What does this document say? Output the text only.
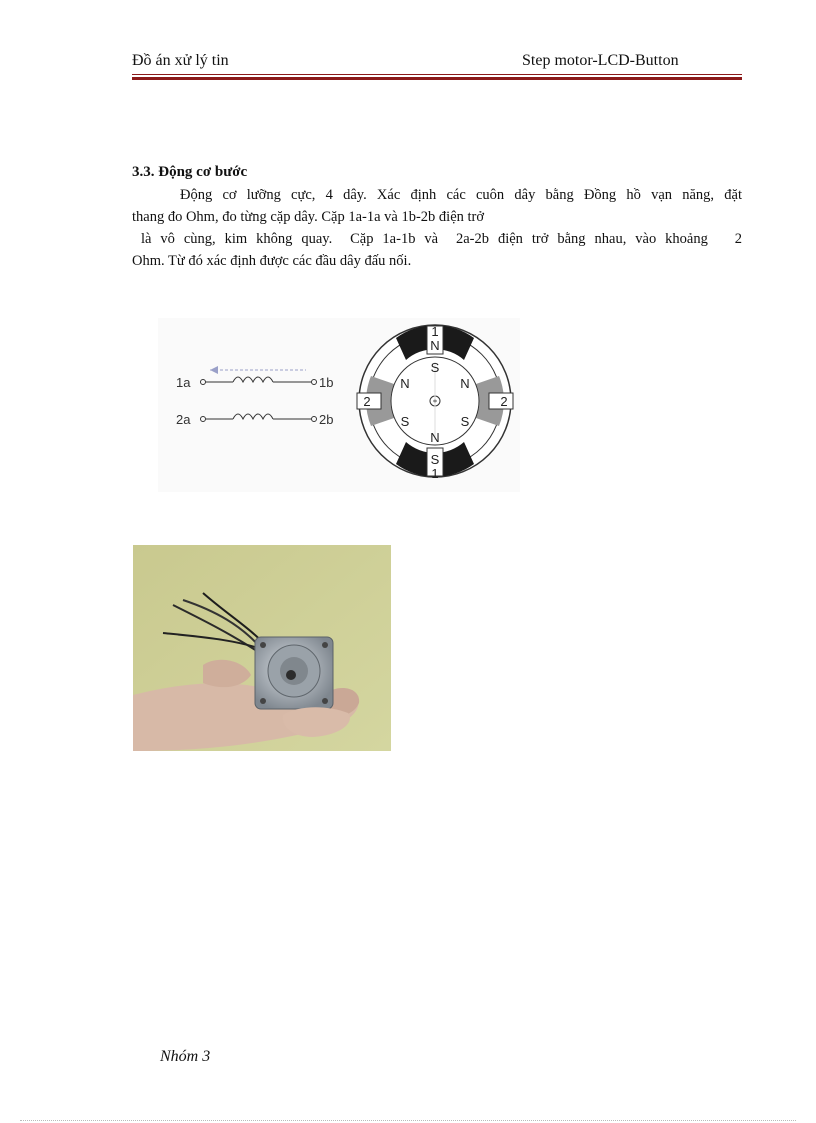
Đồ án xử lý tin	Step motor-LCD-Button
3.3. Động cơ bước
Động cơ lưỡng cực, 4 dây. Xác định các cuôn dây bằng Đồng hồ vạn năng, đặt
thang đo Ohm, đo từng cặp dây. Cặp 1a-1a và 1b-2b điện trở
là vô cùng, kim không quay.  Cặp 1a-1b và  2a-2b điện trở bằng nhau, vào khoảng   2
Ohm. Từ đó xác định được các đầu dây đấu nối.
1a	1b
2a	2b
1
N
S
N	N
2	2
S	S
N
S
1
Nhóm 3
